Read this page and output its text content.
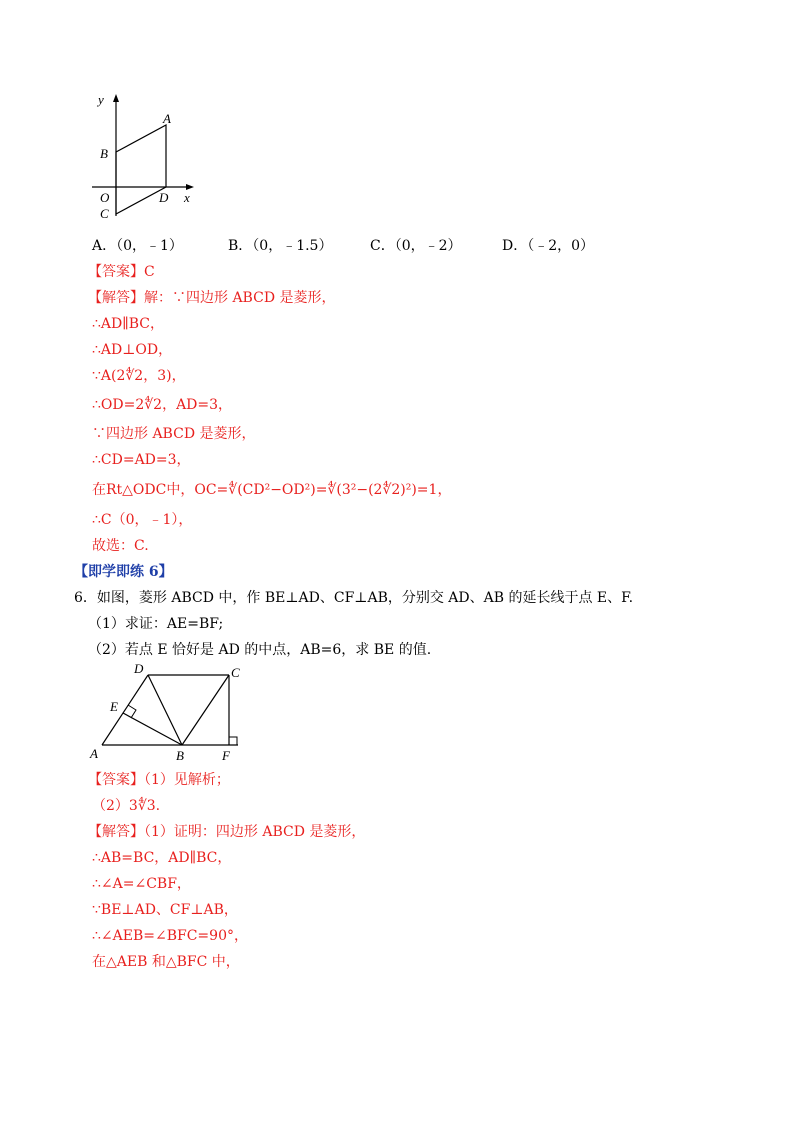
y
A
B
O	D x
C
A．（0，﹣1）	B．（0，﹣1.5）	C．（0，﹣2）	D．（﹣2，0）
【答案】C
【解答】解：∵四边形 ABCD 是菱形，
∴AD∥BC，
∴AD⊥OD，
∵A(2∜2，3)，
∴OD=2∜2，AD=3，
∵四边形 ABCD 是菱形，
∴CD=AD=3，
在Rt△ODC中，OC=∜(CD²−OD²)=∜(3²−(2∜2)²)=1，
∴C（0，﹣1），
故选：C.
【即学即练 6】
6．如图，菱形 ABCD 中，作 BE⊥AD、CF⊥AB，分别交 AD、AB 的延长线于点 E、F.
（1）求证：AE=BF;
（2）若点 E 恰好是 AD 的中点，AB=6，求 BE 的值.
D	C
E
A	B	F
【答案】（1）见解析；
（2）3∜3.
【解答】（1）证明：四边形 ABCD 是菱形，
∴AB=BC，AD∥BC，
∴∠A=∠CBF，
∵BE⊥AD、CF⊥AB，
∴∠AEB=∠BFC=90°，
在△AEB 和△BFC 中，
